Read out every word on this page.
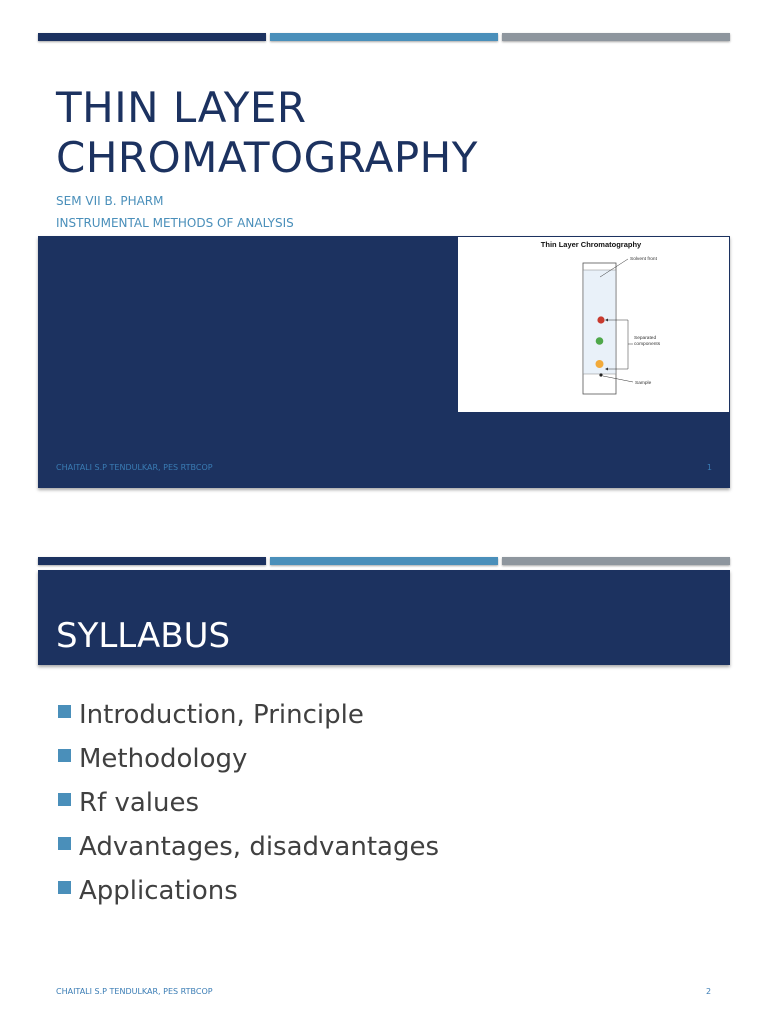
THIN LAYER
CHROMATOGRAPHY

SEM VII B. PHARM

INSTRUMENTAL METHODS OF ANALYSIS

Thin Layer Chromatography
Solvent front
Separated
components
Sample
CHAITALI S.P TENDULKAR, PES RTBCOP	1
SYLLABUS
Introduction, Principle
Methodology
Rf values
Advantages, disadvantages
Applications
CHAITALI S.P TENDULKAR, PES RTBCOP	2
